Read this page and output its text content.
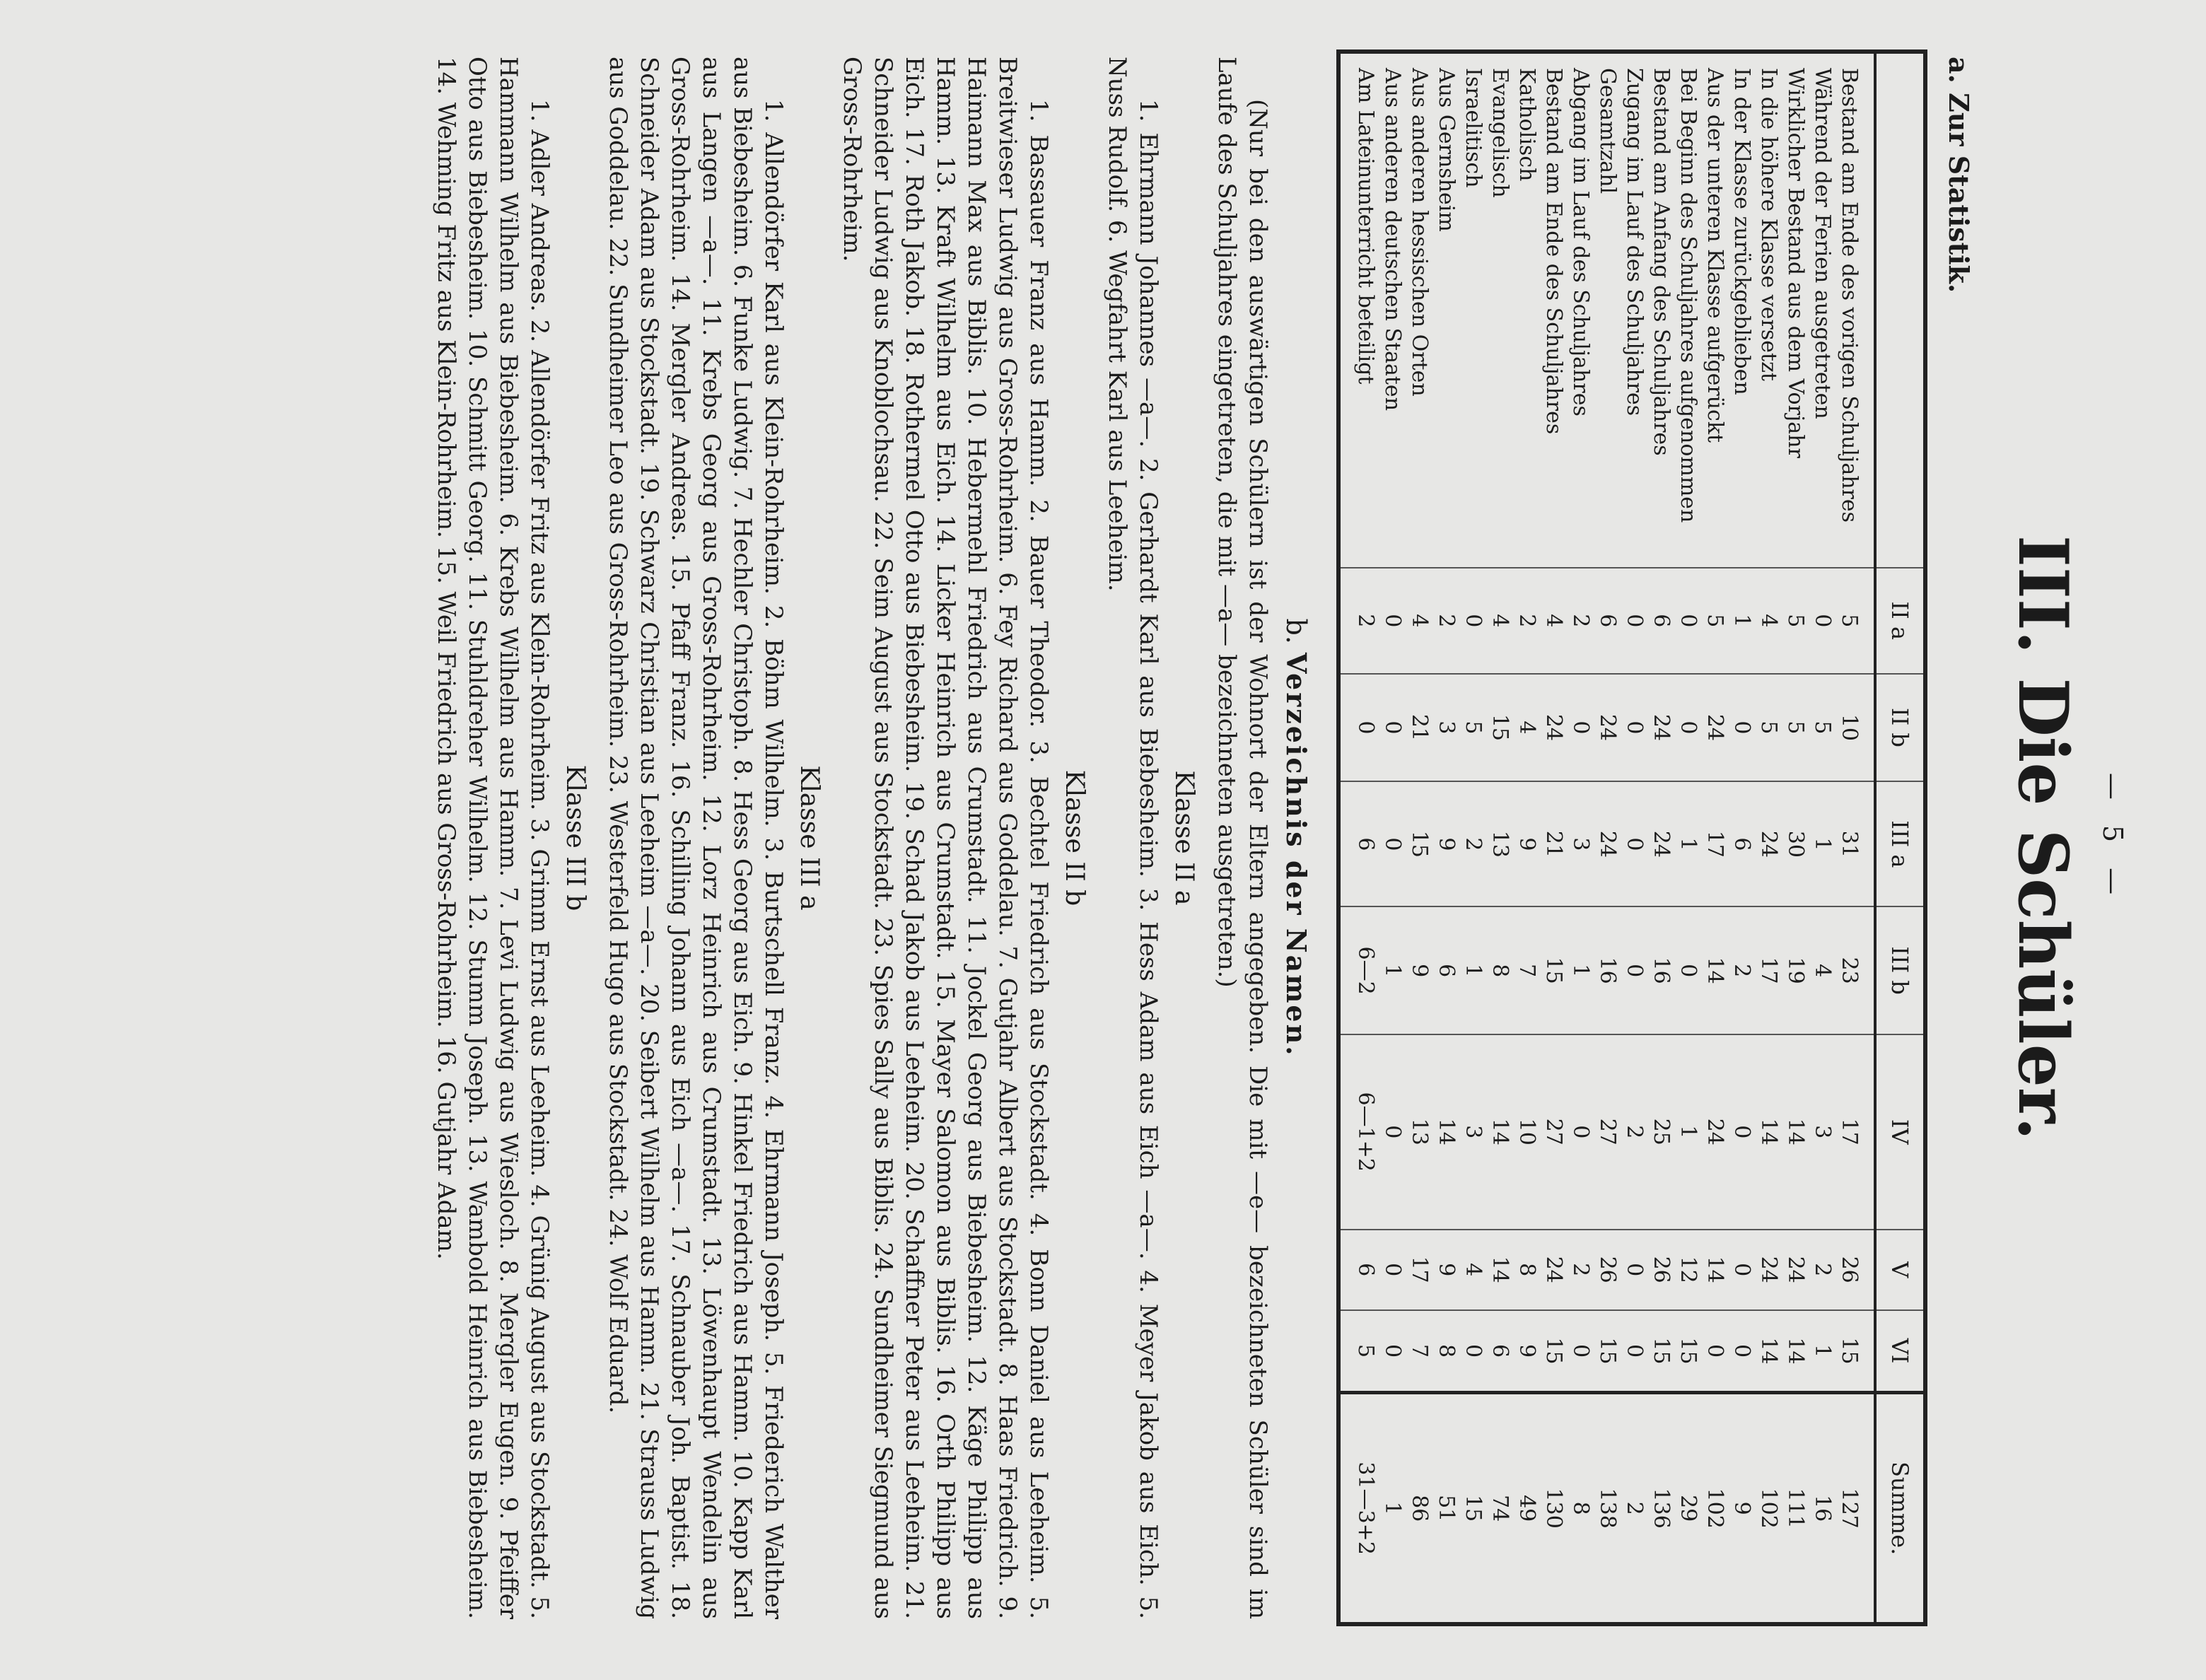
— 5 —
III. Die Schüler.
a. Zur Statistik.
	II a	II b	III a	III b	IV	V	VI	Summe.
Bestand am Ende des vorigen Schuljahres	5	10	31	23	17	26	15	127
Während der Ferien ausgetreten	0	5	1	4	3	2	1	16
Wirklicher Bestand aus dem Vorjahr	5	5	30	19	14	24	14	111
In die höhere Klasse versetzt	4	5	24	17	14	24	14	102
In der Klasse zurückgeblieben	1	0	6	2	0	0	0	9
Aus der unteren Klasse aufgerückt	5	24	17	14	24	14	0	102
Bei Beginn des Schuljahres aufgenommen	0	0	1	0	1	12	15	29
Bestand am Anfang des Schuljahres	6	24	24	16	25	26	15	136
Zugang im Lauf des Schuljahres	0	0	0	0	2	0	0	2
Gesamtzahl	6	24	24	16	27	26	15	138
Abgang im Lauf des Schuljahres	2	0	3	1	0	2	0	8
Bestand am Ende des Schuljahres	4	24	21	15	27	24	15	130
Katholisch	2	4	9	7	10	8	9	49
Evangelisch	4	15	13	8	14	14	6	74
Israelitisch	0	5	2	1	3	4	0	15
Aus Gernsheim	2	3	9	6	14	9	8	51
Aus anderen hessischen Orten	4	21	15	9	13	17	7	86
Aus anderen deutschen Staaten	0	0	0	1	0	0	0	1
Am Lateinunterricht beteiligt	2	0	6	6—2	6—1+2	6	5	31—3+2
b. Verzeichnis der Namen.

(Nur bei den auswärtigen Schülern ist der Wohnort der Eltern angegeben. Die mit —e— bezeichneten Schüler sind im Laufe des Schuljahres eingetreten, die mit —a— bezeichneten ausgetreten.)

Klasse II a

1. Ehrmann Johannes —a—. 2. Gerhardt Karl aus Biebesheim. 3. Hess Adam aus Eich —a—. 4. Meyer Jakob aus Eich. 5. Nuss Rudolf. 6. Wegfahrt Karl aus Leeheim.

Klasse II b

1. Bassauer Franz aus Hamm. 2. Bauer Theodor. 3. Bechtel Friedrich aus Stockstadt. 4. Bonn Daniel aus Leeheim. 5. Breitwieser Ludwig aus Gross-Rohrheim. 6. Fey Richard aus Goddelau. 7. Gutjahr Albert aus Stockstadt. 8. Haas Friedrich. 9. Haimann Max aus Biblis. 10. Hebermehl Friedrich aus Crumstadt. 11. Jockel Georg aus Biebesheim. 12. Käge Philipp aus Hamm. 13. Kraft Wilhelm aus Eich. 14. Licker Heinrich aus Crumstadt. 15. Mayer Salomon aus Biblis. 16. Orth Philipp aus Eich. 17. Roth Jakob. 18. Rothermel Otto aus Biebesheim. 19. Schad Jakob aus Leeheim. 20. Schaffner Peter aus Leeheim. 21. Schneider Ludwig aus Knoblochsau. 22. Seim August aus Stockstadt. 23. Spies Sally aus Biblis. 24. Sundheimer Siegmund aus Gross-Rohrheim.

Klasse III a

1. Allendörfer Karl aus Klein-Rohrheim. 2. Böhm Wilhelm. 3. Burtschell Franz. 4. Ehrmann Joseph. 5. Friederich Walther aus Biebesheim. 6. Funke Ludwig. 7. Hechler Christoph. 8. Hess Georg aus Eich. 9. Hinkel Friedrich aus Hamm. 10. Kapp Karl aus Langen —a—. 11. Krebs Georg aus Gross-Rohrheim. 12. Lorz Heinrich aus Crumstadt. 13. Löwenhaupt Wendelin aus Gross-Rohrheim. 14. Mergler Andreas. 15. Pfaff Franz. 16. Schilling Johann aus Eich —a—. 17. Schnauber Joh. Baptist. 18. Schneider Adam aus Stockstadt. 19. Schwarz Christian aus Leeheim —a—. 20. Seibert Wilhelm aus Hamm. 21. Strauss Ludwig aus Goddelau. 22. Sundheimer Leo aus Gross-Rohrheim. 23. Westerfeld Hugo aus Stockstadt. 24. Wolf Eduard.

Klasse III b

1. Adler Andreas. 2. Allendörfer Fritz aus Klein-Rohrheim. 3. Grimm Ernst aus Leeheim. 4. Grünig August aus Stockstadt. 5. Hammann Wilhelm aus Biebesheim. 6. Krebs Wilhelm aus Hamm. 7. Levi Ludwig aus Wiesloch. 8. Mergler Eugen. 9. Pfeiffer Otto aus Biebesheim. 10. Schmitt Georg. 11. Stuhldreher Wilhelm. 12. Stumm Joseph. 13. Wambold Heinrich aus Biebesheim. 14. Wehming Fritz aus Klein-Rohrheim. 15. Weil Friedrich aus Gross-Rohrheim. 16. Gutjahr Adam.
